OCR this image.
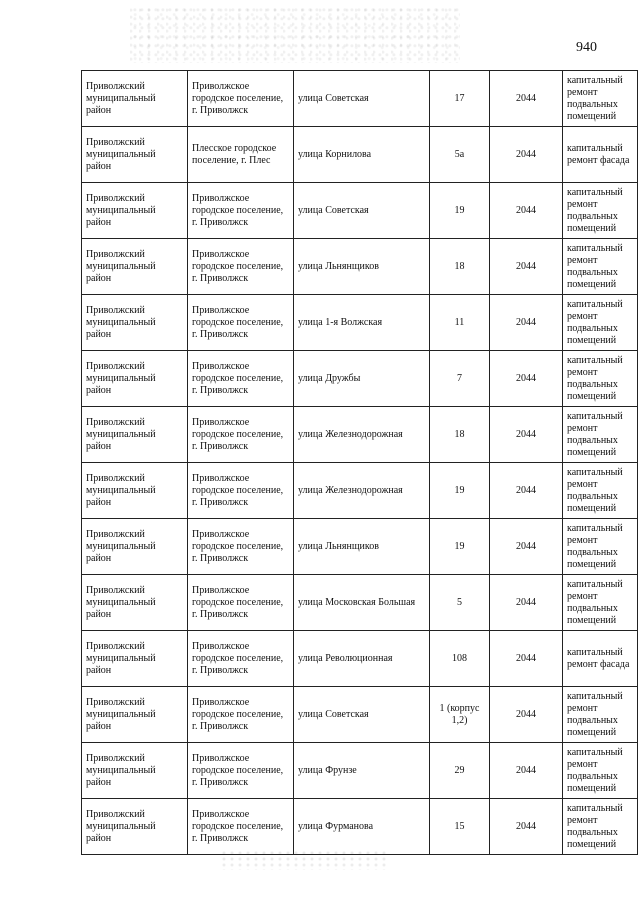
940
Приволжский муниципальный район	Приволжское городское поселение, г. Приволжск	улица Советская	17	2044	капитальный ремонт подвальных помещений
Приволжский муниципальный район	Плесское городское поселение, г. Плес	улица Корнилова	5а	2044	капитальный ремонт фасада
Приволжский муниципальный район	Приволжское городское поселение, г. Приволжск	улица Советская	19	2044	капитальный ремонт подвальных помещений
Приволжский муниципальный район	Приволжское городское поселение, г. Приволжск	улица Льнянщиков	18	2044	капитальный ремонт подвальных помещений
Приволжский муниципальный район	Приволжское городское поселение, г. Приволжск	улица 1-я Волжская	11	2044	капитальный ремонт подвальных помещений
Приволжский муниципальный район	Приволжское городское поселение, г. Приволжск	улица Дружбы	7	2044	капитальный ремонт подвальных помещений
Приволжский муниципальный район	Приволжское городское поселение, г. Приволжск	улица Железнодорожная	18	2044	капитальный ремонт подвальных помещений
Приволжский муниципальный район	Приволжское городское поселение, г. Приволжск	улица Железнодорожная	19	2044	капитальный ремонт подвальных помещений
Приволжский муниципальный район	Приволжское городское поселение, г. Приволжск	улица Льнянщиков	19	2044	капитальный ремонт подвальных помещений
Приволжский муниципальный район	Приволжское городское поселение, г. Приволжск	улица Московская Большая	5	2044	капитальный ремонт подвальных помещений
Приволжский муниципальный район	Приволжское городское поселение, г. Приволжск	улица Революционная	108	2044	капитальный ремонт фасада
Приволжский муниципальный район	Приволжское городское поселение, г. Приволжск	улица Советская	1 (корпус 1,2)	2044	капитальный ремонт подвальных помещений
Приволжский муниципальный район	Приволжское городское поселение, г. Приволжск	улица Фрунзе	29	2044	капитальный ремонт подвальных помещений
Приволжский муниципальный район	Приволжское городское поселение, г. Приволжск	улица Фурманова	15	2044	капитальный ремонт подвальных помещений
